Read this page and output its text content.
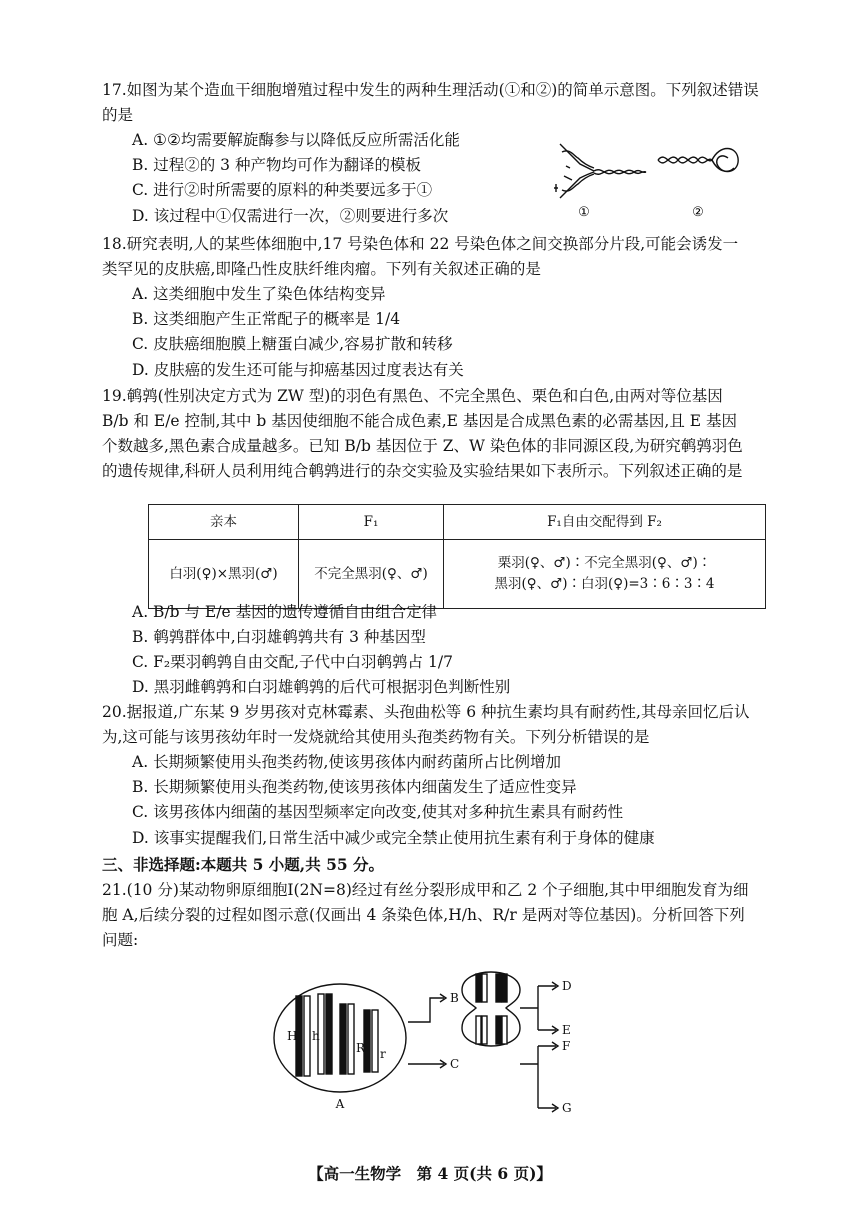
17.如图为某个造血干细胞增殖过程中发生的两种生理活动(①和②)的简单示意图。下列叙述错误的是

A. ①②均需要解旋酶参与以降低反应所需活化能

B. 过程②的 3 种产物均可作为翻译的模板

C. 进行②时所需要的原料的种类要远多于①

D. 该过程中①仅需进行一次，②则要进行多次	①	②

18.研究表明,人的某些体细胞中,17 号染色体和 22 号染色体之间交换部分片段,可能会诱发一类罕见的皮肤癌,即隆凸性皮肤纤维肉瘤。下列有关叙述正确的是

A. 这类细胞中发生了染色体结构变异

B. 这类细胞产生正常配子的概率是 1/4

C. 皮肤癌细胞膜上糖蛋白减少,容易扩散和转移

D. 皮肤癌的发生还可能与抑癌基因过度表达有关

19.鹌鹑(性别决定方式为 ZW 型)的羽色有黑色、不完全黑色、栗色和白色,由两对等位基因 B/b 和 E/e 控制,其中 b 基因使细胞不能合成色素,E 基因是合成黑色素的必需基因,且 E 基因个数越多,黑色素合成量越多。已知 B/b 基因位于 Z、W 染色体的非同源区段,为研究鹌鹑羽色的遗传规律,科研人员利用纯合鹌鹑进行的杂交实验及实验结果如下表所示。下列叙述正确的是

亲本	F₁	F₁自由交配得到 F₂
白羽(♀)×黑羽(♂)	不完全黑羽(♀、♂)	栗羽(♀、♂)∶不完全黑羽(♀、♂)∶
黑羽(♀、♂)∶白羽(♀)=3∶6∶3∶4

A. B/b 与 E/e 基因的遗传遵循自由组合定律

B. 鹌鹑群体中,白羽雄鹌鹑共有 3 种基因型

C. F₂栗羽鹌鹑自由交配,子代中白羽鹌鹑占 1/7

D. 黑羽雌鹌鹑和白羽雄鹌鹑的后代可根据羽色判断性别

20.据报道,广东某 9 岁男孩对克林霉素、头孢曲松等 6 种抗生素均具有耐药性,其母亲回忆后认为,这可能与该男孩幼年时一发烧就给其使用头孢类药物有关。下列分析错误的是

A. 长期频繁使用头孢类药物,使该男孩体内耐药菌所占比例增加

B. 长期频繁使用头孢类药物,使该男孩体内细菌发生了适应性变异

C. 该男孩体内细菌的基因型频率定向改变,使其对多种抗生素具有耐药性

D. 该事实提醒我们,日常生活中减少或完全禁止使用抗生素有利于身体的健康

三、非选择题:本题共 5 小题,共 55 分。

21.(10 分)某动物卵原细胞Ⅰ(2N=8)经过有丝分裂形成甲和乙 2 个子细胞,其中甲细胞发育为细胞 A,后续分裂的过程如图示意(仅画出 4 条染色体,H/h、R/r 是两对等位基因)。分析回答下列问题:

A
B
C
D
E
F
G
H h
R r
【高一生物学　第 4 页(共 6 页)】
